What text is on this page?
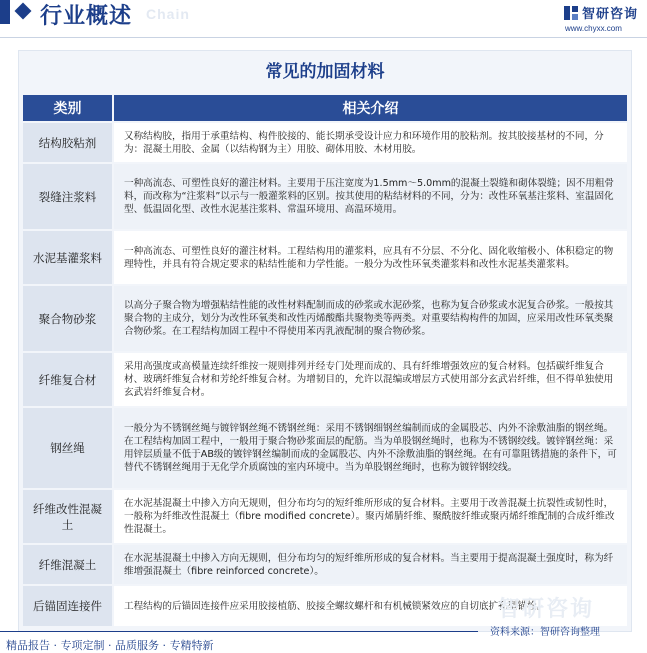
行业概述 Chain	智研咨询
www.chyxx.com
常见的加固材料
类别	相关介绍
结构胶粘剂	又称结构胶，指用于承重结构、构件胶接的、能长期承受设计应力和环境作用的胶粘剂。按其胶接基材的不同，分为：混凝土用胶、金属（以结构钢为主）用胶、砌体用胶、木材用胶。
裂缝注浆料	一种高流态、可塑性良好的灌注材料。主要用于压注宽度为1.5mm～5.0mm的混凝土裂缝和砌体裂缝；因不用粗骨料，而改称为“注浆料”以示与一般灌浆料的区别。按其使用的粘结材料的不同，分为：改性环氧基注浆料、室温固化型、低温固化型、改性水泥基注浆料、常温环境用、高温环境用。
水泥基灌浆料	一种高流态、可塑性良好的灌注材料。工程结构用的灌浆料，应具有不分层、不分化、固化收缩极小、体积稳定的物理特性，并具有符合规定要求的粘结性能和力学性能。一般分为改性环氧类灌浆料和改性水泥基类灌浆料。
聚合物砂浆	以高分子聚合物为增强粘结性能的改性材料配制而成的砂浆或水泥砂浆，也称为复合砂浆或水泥复合砂浆。一般按其聚合物的主成分，划分为改性环氧类和改性丙烯酸酯共聚物类等两类。对重要结构构件的加固，应采用改性环氧类聚合物砂浆。在工程结构加固工程中不得使用苯丙乳液配制的聚合物砂浆。
纤维复合材	采用高强度或高模量连续纤维按一规则排列并经专门处理而成的、具有纤维增强效应的复合材料。包括碳纤维复合材、玻璃纤维复合材和芳纶纤维复合材。为增韧目的，允许以混编或增层方式使用部分玄武岩纤维，但不得单独使用玄武岩纤维复合材。
钢丝绳	一般分为不锈钢丝绳与镀锌钢丝绳不锈钢丝绳：采用不锈钢细钢丝编制而成的金属股芯、内外不涂敷油脂的钢丝绳。在工程结构加固工程中，一般用于聚合物砂浆面层的配筋。当为单股钢丝绳时，也称为不锈钢绞线。镀锌钢丝绳：采用锌层质量不低于AB级的镀锌钢丝编制而成的金属股芯、内外不涂敷油脂的钢丝绳。在有可靠阻锈措施的条件下，可替代不锈钢丝绳用于无化学介质腐蚀的室内环境中。当为单股钢丝绳时，也称为镀锌钢绞线。
纤维改性混凝土	在水泥基混凝土中掺入方向无规则，但分布均匀的短纤维所形成的复合材料。主要用于改善混凝土抗裂性或韧性时，一般称为纤维改性混凝土（fibre modified concrete）。聚丙烯腈纤维、聚酰胺纤维或聚丙烯纤维配制的合成纤维改性混凝土。
纤维混凝土	在水泥基混凝土中掺入方向无规则，但分布均匀的短纤维所形成的复合材料。当主要用于提高混凝土强度时，称为纤维增强混凝土（fibre reinforced concrete）。
后锚固连接件	工程结构的后锚固连接件应采用胶接植筋、胶接全螺纹螺杆和有机械锁紧效应的自切底扩孔型锚栓。
智研咨询
资料来源：智研咨询整理
精品报告 · 专项定制 · 品质服务 · 专精特新
